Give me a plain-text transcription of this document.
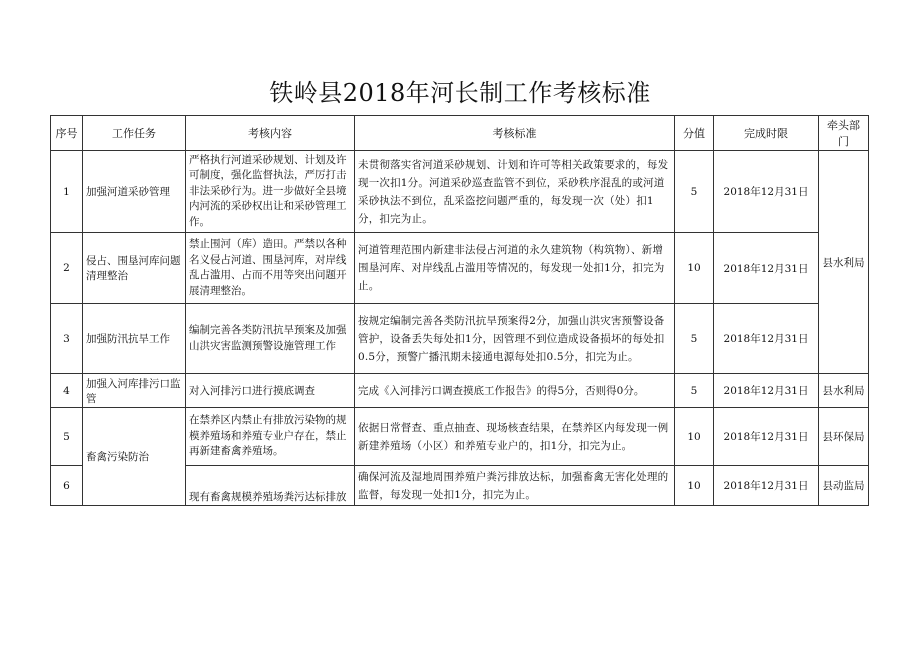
铁岭县2018年河长制工作考核标准
序号	工作任务	考核内容	考核标准	分值	完成时限	牵头部门
1	加强河道采砂管理	严格执行河道采砂规划、计划及许可制度，强化监督执法，严厉打击非法采砂行为。进一步做好全县境内河流的采砂权出让和采砂管理工作。	未贯彻落实省河道采砂规划、计划和许可等相关政策要求的，每发现一次扣1分。河道采砂巡查监管不到位，采砂秩序混乱的或河道采砂执法不到位，乱采盗挖问题严重的，每发现一次（处）扣1分，扣完为止。	5	2018年12月31日	县水利局
2	侵占、围垦河库问题清理整治	禁止围河（库）造田。严禁以各种名义侵占河道、围垦河库，对岸线乱占滥用、占而不用等突出问题开展清理整治。	河道管理范围内新建非法侵占河道的永久建筑物（构筑物）、新增围垦河库、对岸线乱占滥用等情况的，每发现一处扣1分，扣完为止。	10	2018年12月31日	
3	加强防汛抗旱工作	编制完善各类防汛抗旱预案及加强山洪灾害监测预警设施管理工作	按规定编制完善各类防汛抗旱预案得2分，加强山洪灾害预警设备管护，设备丢失每处扣1分，因管理不到位造成设备损坏的每处扣0.5分，预警广播汛期未接通电源每处扣0.5分，扣完为止。	5	2018年12月31日	
4	加强入河库排污口监管	对入河排污口进行摸底调查	完成《入河排污口调查摸底工作报告》的得5分，否则得0分。	5	2018年12月31日	县水利局
5	畜禽污染防治	在禁养区内禁止有排放污染物的规模养殖场和养殖专业户存在，禁止再新建畜禽养殖场。	依据日常督查、重点抽查、现场核查结果，在禁养区内每发现一例新建养殖场（小区）和养殖专业户的，扣1分，扣完为止。	10	2018年12月31日	县环保局
6		现有畜禽规模养殖场粪污达标排放	确保河流及湿地周围养殖户粪污排放达标，加强畜禽无害化处理的监督，每发现一处扣1分，扣完为止。	10	2018年12月31日	县动监局
